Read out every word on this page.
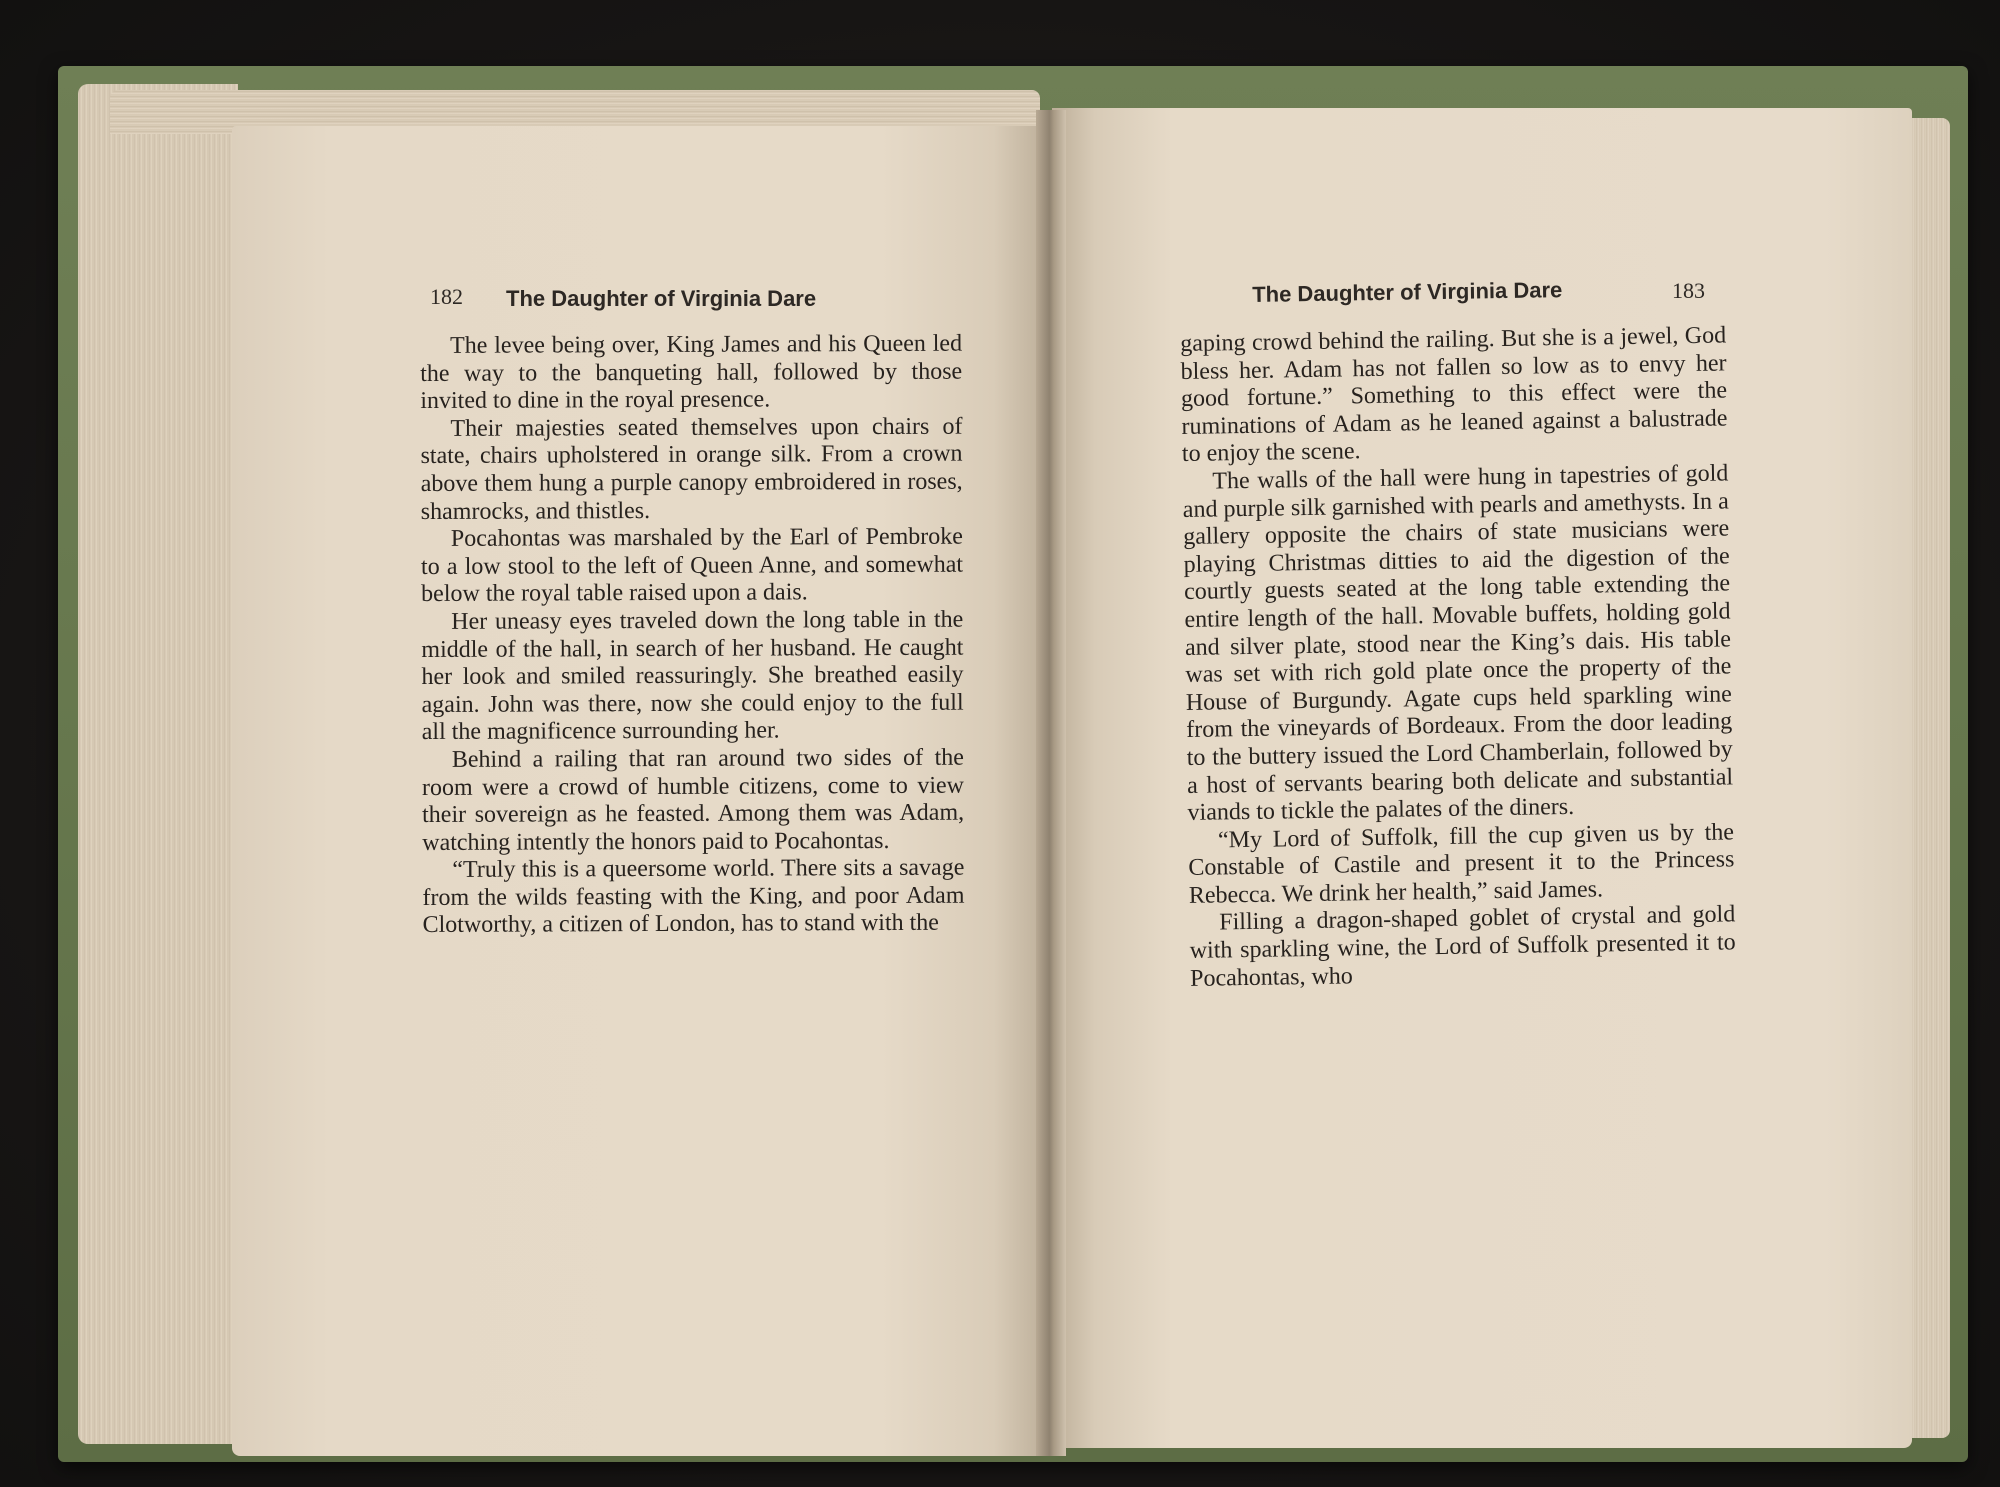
182 The Daughter of Virginia Dare	The Daughter of Virginia Dare	183

The levee being over, King James and his Queen led the way to the banqueting hall, followed by those invited to dine in the royal presence.

Their majesties seated themselves upon chairs of state, chairs upholstered in orange silk. From a crown above them hung a purple canopy embroidered in roses, shamrocks, and thistles.

Pocahontas was marshaled by the Earl of Pembroke to a low stool to the left of Queen Anne, and somewhat below the royal table raised upon a dais.

Her uneasy eyes traveled down the long table in the middle of the hall, in search of her husband. He caught her look and smiled reassuringly. She breathed easily again. John was there, now she could enjoy to the full all the magnificence surrounding her.

Behind a railing that ran around two sides of the room were a crowd of humble citizens, come to view their sovereign as he feasted. Among them was Adam, watching intently the honors paid to Pocahontas.

“Truly this is a queersome world. There sits a savage from the wilds feasting with the King, and poor Adam Clotworthy, a citizen of London, has to stand with the

gaping crowd behind the railing. But she is a jewel, God bless her. Adam has not fallen so low as to envy her good fortune.” Something to this effect were the ruminations of Adam as he leaned against a balustrade to enjoy the scene.

The walls of the hall were hung in tapestries of gold and purple silk garnished with pearls and amethysts. In a gallery opposite the chairs of state musicians were playing Christmas ditties to aid the digestion of the courtly guests seated at the long table extending the entire length of the hall. Movable buffets, holding gold and silver plate, stood near the King’s dais. His table was set with rich gold plate once the property of the House of Burgundy. Agate cups held sparkling wine from the vineyards of Bordeaux. From the door leading to the buttery issued the Lord Chamberlain, followed by a host of servants bearing both delicate and substantial viands to tickle the palates of the diners.

“My Lord of Suffolk, fill the cup given us by the Constable of Castile and present it to the Princess Rebecca. We drink her health,” said James.

Filling a dragon-shaped goblet of crystal and gold with sparkling wine, the Lord of Suffolk presented it to Pocahontas, who
